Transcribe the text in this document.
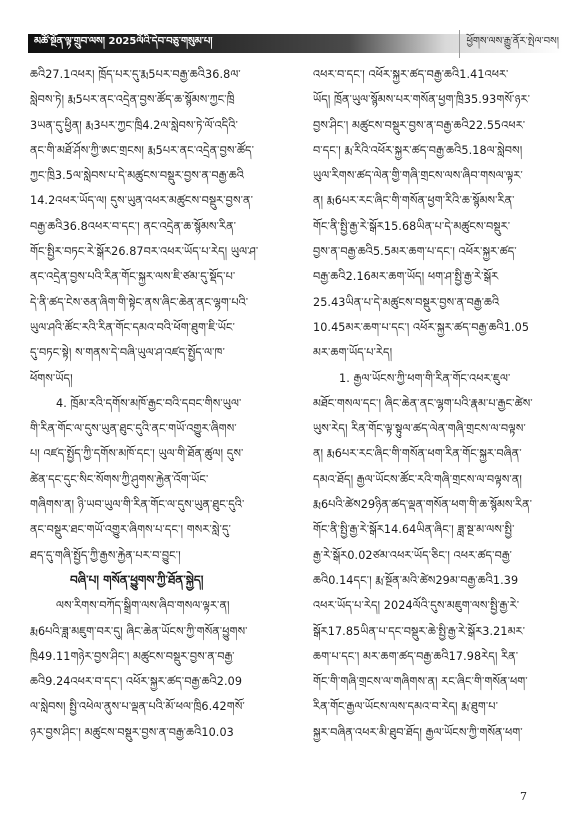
མཚོ་སྔོན་ལྟ་གྲུབ་ལས། 2025ལོའི་དེབ་བཅུ་གསུམ་པ།	ཕྱོགས་ལས་རྒྱུ་ནོར་སྤེལ་བས།
ཆའི27.1འཕར། ཁྲོད་པར་དུ་རྨ5པར་བརྒྱ་ཆའི36.8ལ་
སླེབས་ཏེ། རྨ5པར་ནང་འདྲེན་བྱས་ཚོད་ཆ་སྙོམས་ཀྱང་ཁྲི
3ཡན་དུ་ཕྱིན། རྨ3པར་ཀྱང་ཁྲི4.2ལ་སླེབས་ཏེ་ལོ་འདིའི་
ནང་གི་མཐོ་ཤོས་ཀྱི་ཨང་གྲངས། རྨ5པར་ནང་འདྲེན་བྱས་ཚོད་
ཀྱང་ཁྲི3.5ལ་སླེབས་པ་དེ་མཚུངས་བསྡུར་བྱས་ན་བརྒྱ་ཆའི
14.2འཕར་ཡོད་ལ། དུས་ཡུན་འཕར་མཚུངས་བསྡུར་བྱས་ན་
བརྒྱ་ཆའི36.8འཕར་བ་དང་། ནང་འདྲེན་ཆ་སྙོམས་རིན་
གོང་སྤྱིར་བཏང་རེ་སྒོར26.87བར་འཕར་ཡོད་པ་རེད། ཡུལ་ཤ་
ནང་འདྲེན་བྱས་པའི་རིན་གོང་སྐྱར་ལས་ཇི་ཙམ་དུ་སྡོད་པ་
དེ་ནི་ཚད་ངེས་ཅན་ཞིག་གི་སྟེང་ནས་ཞིང་ཆེན་ནང་ལྷག་པའི་
ཡུལ་ཤའི་ཚོང་རའི་རིན་གོང་དམའ་བའི་ཕོག་ཐུག་ཇི་ཡོང་
དུ་བཏང་སྟེ། ས་གནས་དེ་བཞི་ཡུལ་ཤ་འཛད་སྤྱོད་ལ་ཁ་
ཕོགས་ཡོད།
4. ཁྲོམ་རའི་དགོས་མཁོ་རྒྱང་བའི་དབང་གིས་ཡུལ་
གི་རིན་གོང་ལ་དུས་ཡུན་ཐུང་དུའི་ནང་གཡོ་འགྱུར་ཞིགས་
པ། འཛད་སྤྱོད་ཀྱི་དགོས་མཁོ་དང་། ཡུལ་གི་ཐོན་ཚུལ། དུས་
ཚེན་དང་དུང་སིང་སོགས་ཀྱི་ཤུགས་རྐྱེན་འོག་ཡོང་
གཞིགས་ན། ཉི་ཡབ་ཡུལ་གི་རིན་གོང་ལ་དུས་ཡུན་ཐུང་དུའི་
ནང་བསྡུར་ཐང་གཡོ་འགྱུར་ཞིགས་པ་དང་། གསར་སླེ་དུ་
ཐད་དུ་གཞི་སྤྱོད་ཀྱི་རྒྱས་རྐྱེན་པར་བ་བྱུང་།
བཞི་པ། གསོན་ཕྱུགས་ཀྱི་ཐོན་སྐྱེད།
ལས་རིགས་བཀོད་སྒྲིག་ལས་ཞིབ་གསལ་ལྟར་ན།
རྨ6པའི་ཟླ་མཇུག་བར་དུ། ཞིང་ཆེན་ཡོངས་ཀྱི་གསོན་ཕྱུགས་
ཁྲི49.11གཉེར་བྱས་ཤིང་། མཚུངས་བསྡུར་བྱས་ན་བརྒྱ་
ཆའི9.24འཕར་བ་དང་། འཕོར་སྐྱར་ཚད་བརྒྱ་ཆའི2.09
ལ་སླེབས། སྤྱི་འཕེལ་ནུས་པ་ལྡན་པའི་མོ་ཕལ་ཁྲི6.42གསོ་
ཉར་བྱས་ཤིང་། མཚུངས་བསྡུར་བྱས་ན་བརྒྱ་ཆའི10.03
འཕར་བ་དང་། འཕོར་སྐྱར་ཚད་བརྒྱ་ཆའི1.41འཕར་
ཡོད། ཁྲོན་ཡུལ་སྙོམས་པར་གསོན་ཕྱག་ཁྲི35.93གསོ་ཉར་
བྱས་ཤིང་། མཚུངས་བསྡུར་བྱས་ན་བརྒྱ་ཆའི22.55འཕར་
བ་དང་། རྨ་རིའི་འཕོར་སྐྱར་ཚད་བརྒྱ་ཆའི5.18ལ་སླེབས།
ཡུལ་རིགས་ཚད་ལེན་གྱི་གཞི་གྲངས་ལས་ཞིབ་གསལ་ལྟར་
ན། རྨ6པར་རང་ཞིང་གི་གསོན་ཕྱག་རིའི་ཆ་སྙོམས་རིན་
གོང་ནི་སྤྱི་རྒྱ་རེ་སྒོར15.68ཡིན་པ་དེ་མཚུངས་བསྡུར་
བྱས་ན་བརྒྱ་ཆའི5.5མར་ཆག་པ་དང་། འཕོར་སྐྱར་ཚད་
བརྒྱ་ཆའི2.16མར་ཆག་ཡོད། ཕག་ཤ་སྤྱི་རྒྱ་རེ་སྒོར
25.43ཡིན་པ་དེ་མཚུངས་བསྡུར་བྱས་ན་བརྒྱ་ཆའི
10.45མར་ཆག་པ་དང་། འཕོར་སྐྱར་ཚད་བརྒྱ་ཆའི1.05
མར་ཆག་ཡོད་པ་རེད།
1. རྒྱལ་ཡོངས་ཀྱི་ཕག་གི་རིན་གོང་འཕར་ཇུལ་
མཐོང་གསལ་དང་། ཞིང་ཆེན་ནང་ལྷག་པའི་རྣམ་པ་རྒྱང་ཚེས་
ཡུས་རེད། རིན་གོང་ལྟ་སྟུལ་ཚད་ལེན་གཞི་གྲངས་ལ་བལྟས་
ན། རྨ6པར་རང་ཞིང་གི་གསོན་ཕག་རིན་གོང་སྐྱར་བཞིན་
དམའ་ཐོད། རྒྱལ་ཡོངས་ཚོང་རའི་གཞི་གྲངས་ལ་བལྟས་ན།
རྨ6པའི་ཚེས29ཉིན་ཚད་ལྡན་གསོན་ཕག་གི་ཆ་སྙོམས་རིན་
གོང་ནི་སྤྱི་རྒྱ་རེ་སྒོར14.64ཡིན་ཞིང་། ཟླ་སྔ་མ་ལས་སྤྱི་
རྒྱ་རེ་སྒོར0.02ཙམ་འཕར་ཡོད་ཅིང་། འཕར་ཚད་བརྒྱ་
ཆའི0.14དང་། རྨ་སྔོན་མའི་ཚེས29མ་བརྒྱ་ཆའི1.39
འཕར་ཡོད་པ་རེད། 2024ལོའི་དུས་མཇུག་ལས་སྤྱི་རྒྱ་རེ་
སྒོར17.85ཡིན་པ་དང་བསྡུར་ཆེ་སྤྱི་རྒྱ་རེ་སྒོར3.21མར་
ཆག་པ་དང་། མར་ཆག་ཚད་བརྒྱ་ཆའི17.98རེད། རིན་
གོང་གི་གཞི་གྲངས་ལ་གཞིགས་ན། རང་ཞིང་གི་གསོན་ཕག་
རིན་གོང་རྒྱལ་ཡོངས་ལས་དམའ་བ་རེད། རྨ་ཐུག་པ་
སྐྱར་བཞིན་འཕར་མི་ཐུབ་ཐོད། རྒྱལ་ཡོངས་ཀྱི་གསོན་ཕག་
7
